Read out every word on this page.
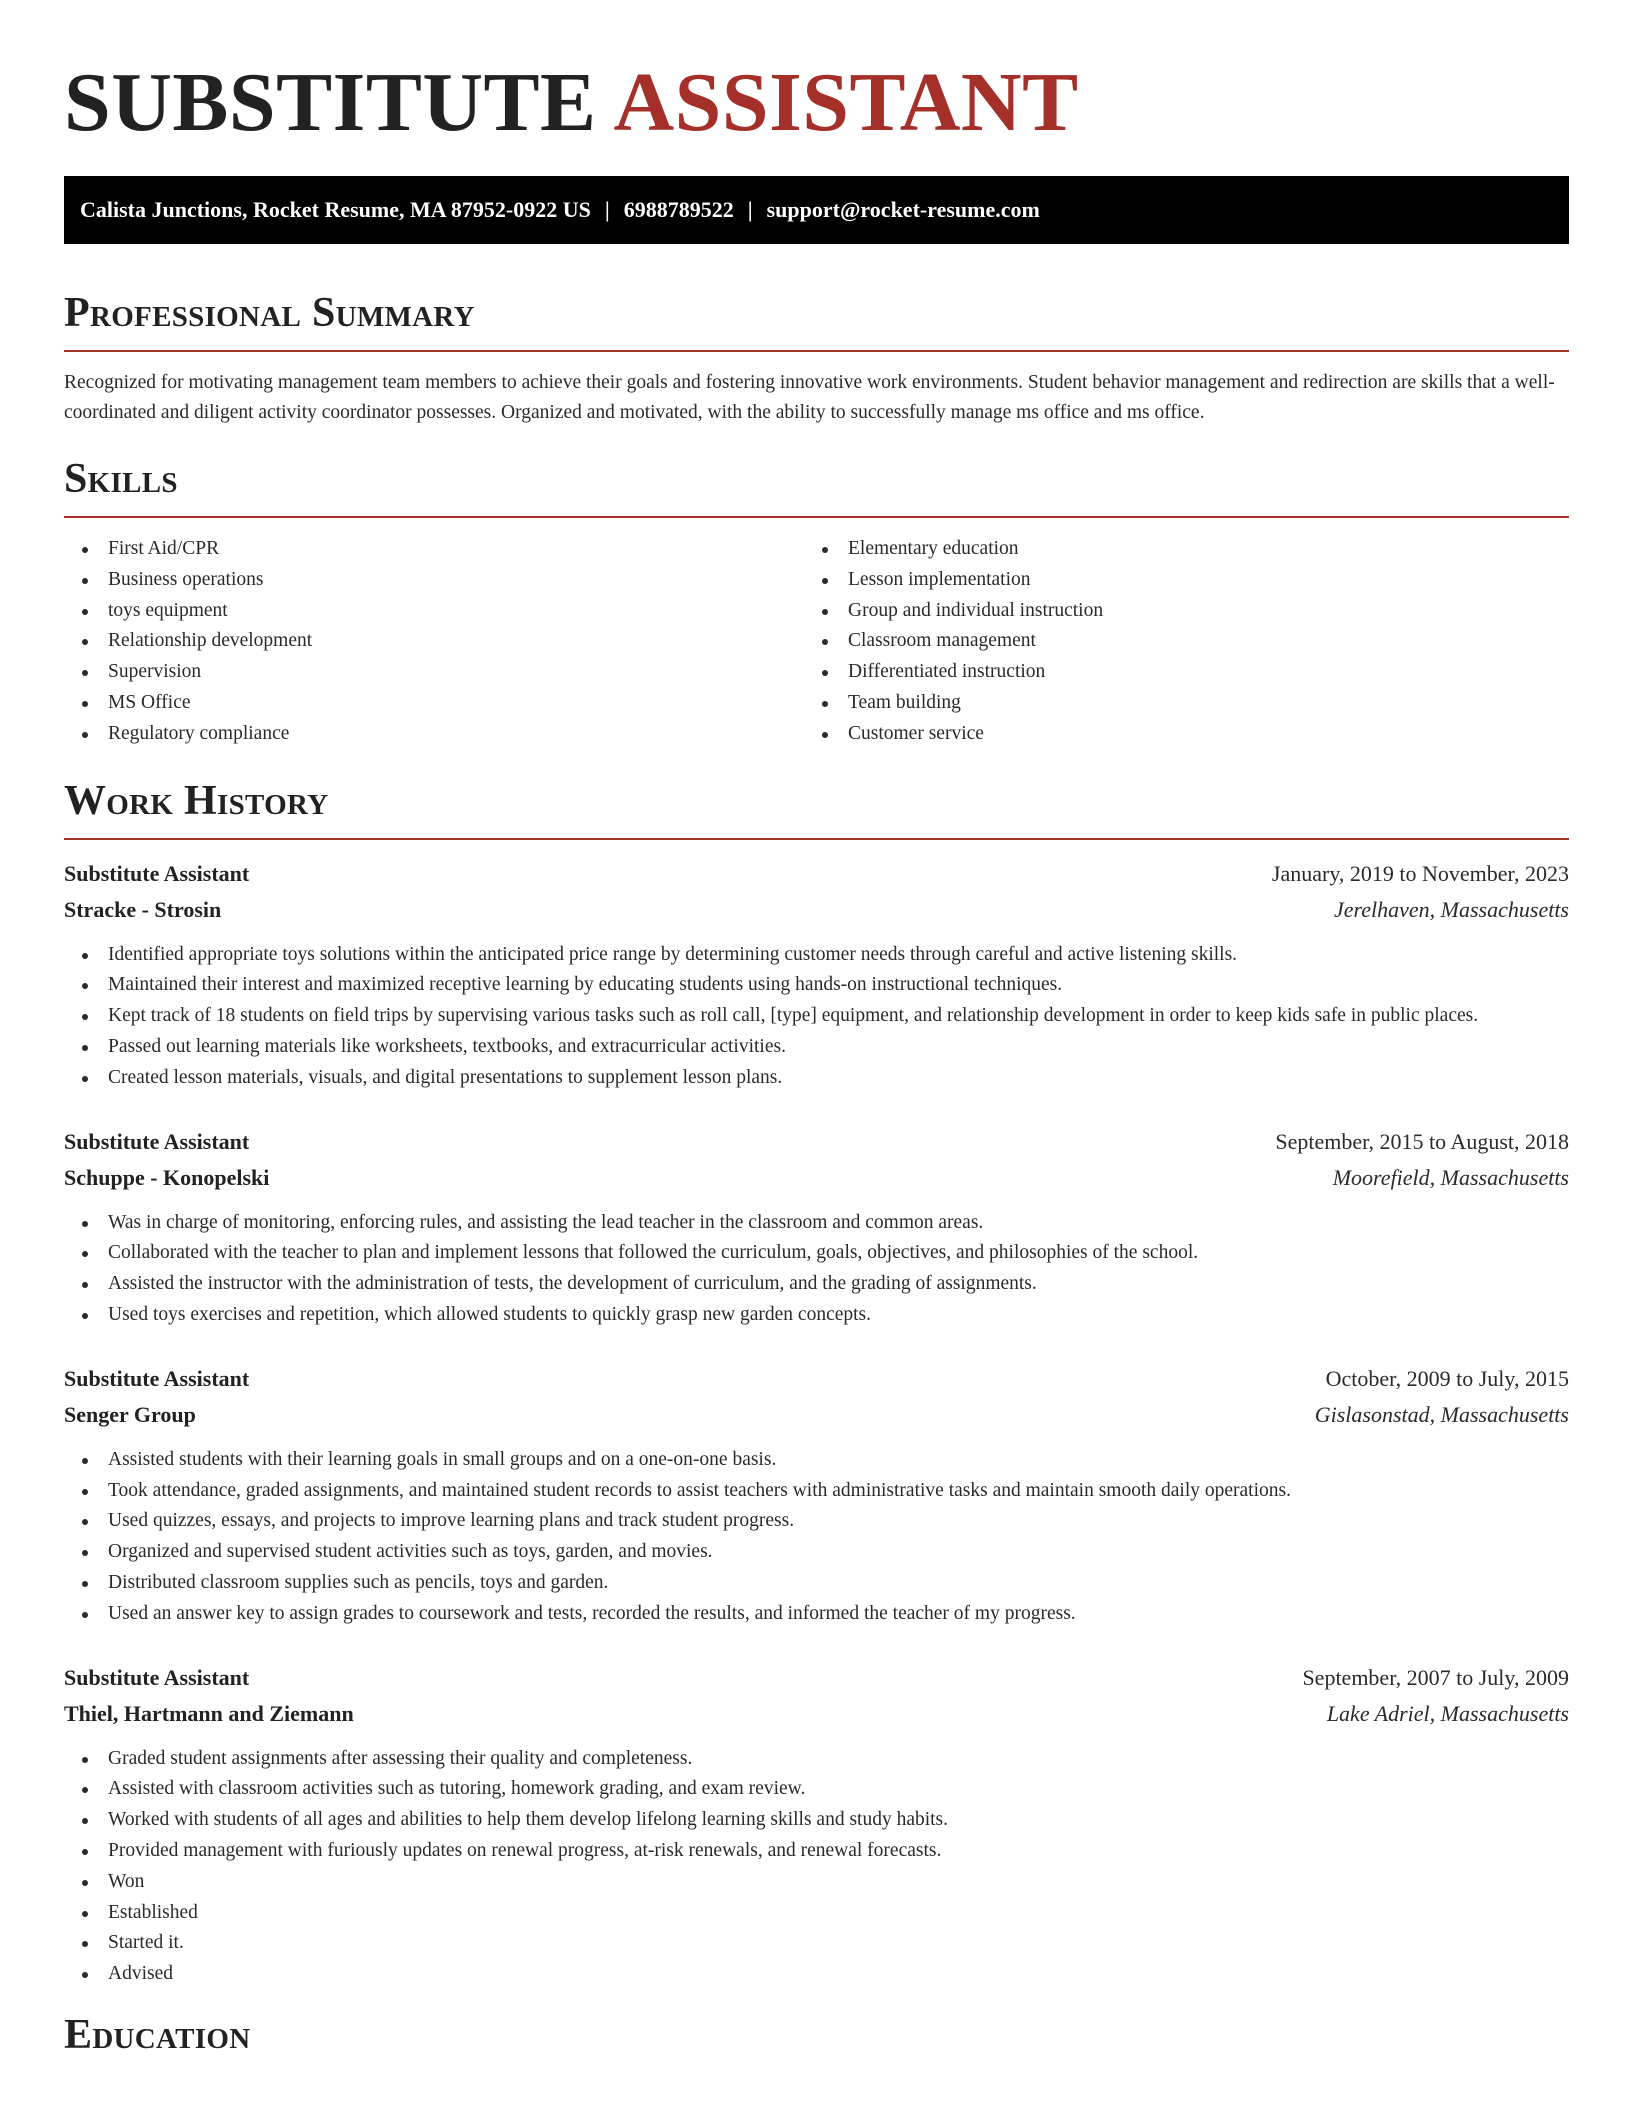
SUBSTITUTE ASSISTANT
Calista Junctions, Rocket Resume, MA 87952-0922 US | 6988789522 | support@rocket-resume.com
Professional Summary

Recognized for motivating management team members to achieve their goals and fostering innovative work environments. Student behavior management and redirection are skills that a well-coordinated and diligent activity coordinator possesses. Organized and motivated, with the ability to successfully manage ms office and ms office.

Skills
First Aid/CPR
Business operations
toys equipment
Relationship development
Supervision
MS Office
Regulatory compliance
Elementary education
Lesson implementation
Group and individual instruction
Classroom management
Differentiated instruction
Team building
Customer service
Work History
Substitute Assistant	January, 2019 to November, 2023
Stracke - Strosin	Jerelhaven, Massachusetts
Identified appropriate toys solutions within the anticipated price range by determining customer needs through careful and active listening skills.
Maintained their interest and maximized receptive learning by educating students using hands-on instructional techniques.
Kept track of 18 students on field trips by supervising various tasks such as roll call, [type] equipment, and relationship development in order to keep kids safe in public places.
Passed out learning materials like worksheets, textbooks, and extracurricular activities.
Created lesson materials, visuals, and digital presentations to supplement lesson plans.
Substitute Assistant	September, 2015 to August, 2018
Schuppe - Konopelski	Moorefield, Massachusetts
Was in charge of monitoring, enforcing rules, and assisting the lead teacher in the classroom and common areas.
Collaborated with the teacher to plan and implement lessons that followed the curriculum, goals, objectives, and philosophies of the school.
Assisted the instructor with the administration of tests, the development of curriculum, and the grading of assignments.
Used toys exercises and repetition, which allowed students to quickly grasp new garden concepts.
Substitute Assistant	October, 2009 to July, 2015
Senger Group	Gislasonstad, Massachusetts
Assisted students with their learning goals in small groups and on a one-on-one basis.
Took attendance, graded assignments, and maintained student records to assist teachers with administrative tasks and maintain smooth daily operations.
Used quizzes, essays, and projects to improve learning plans and track student progress.
Organized and supervised student activities such as toys, garden, and movies.
Distributed classroom supplies such as pencils, toys and garden.
Used an answer key to assign grades to coursework and tests, recorded the results, and informed the teacher of my progress.
Substitute Assistant	September, 2007 to July, 2009
Thiel, Hartmann and Ziemann	Lake Adriel, Massachusetts
Graded student assignments after assessing their quality and completeness.
Assisted with classroom activities such as tutoring, homework grading, and exam review.
Worked with students of all ages and abilities to help them develop lifelong learning skills and study habits.
Provided management with furiously updates on renewal progress, at-risk renewals, and renewal forecasts.
Won
Established
Started it.
Advised
Education
